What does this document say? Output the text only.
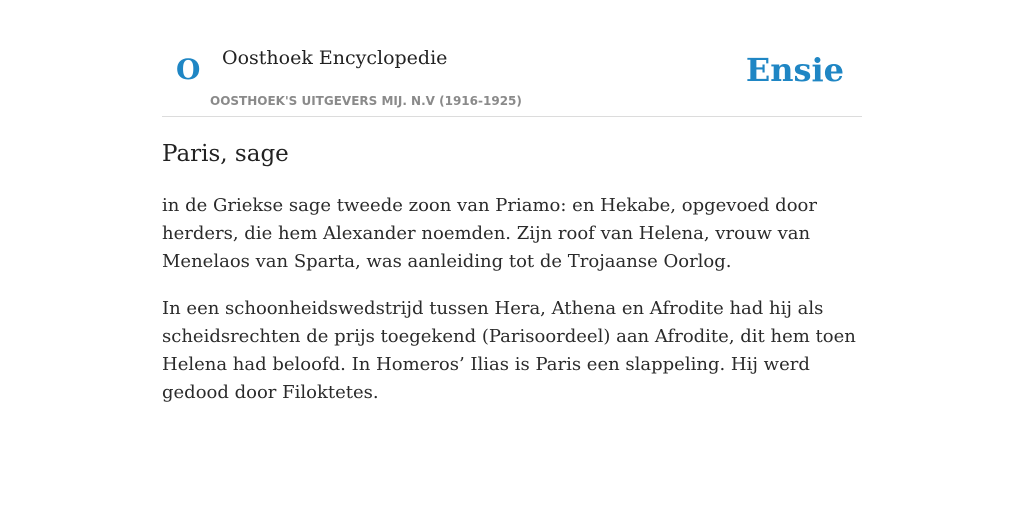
O Oosthoek Encyclopedie
OOSTHOEK'S UITGEVERS MIJ. N.V (1916-1925)
Ensie
Paris, sage

in de Griekse sage tweede zoon van Priamo: en Hekabe, opgevoed door herders, die hem Alexander noemden. Zijn roof van Helena, vrouw van Menelaos van Sparta, was aanleiding tot de Trojaanse Oorlog.

In een schoonheidswedstrijd tussen Hera, Athena en Afrodite had hij als scheidsrechten de prijs toegekend (Parisoordeel) aan Afrodite, dit hem toen Helena had beloofd. In Homeros’ Ilias is Paris een slappeling. Hij werd gedood door Filoktetes.
